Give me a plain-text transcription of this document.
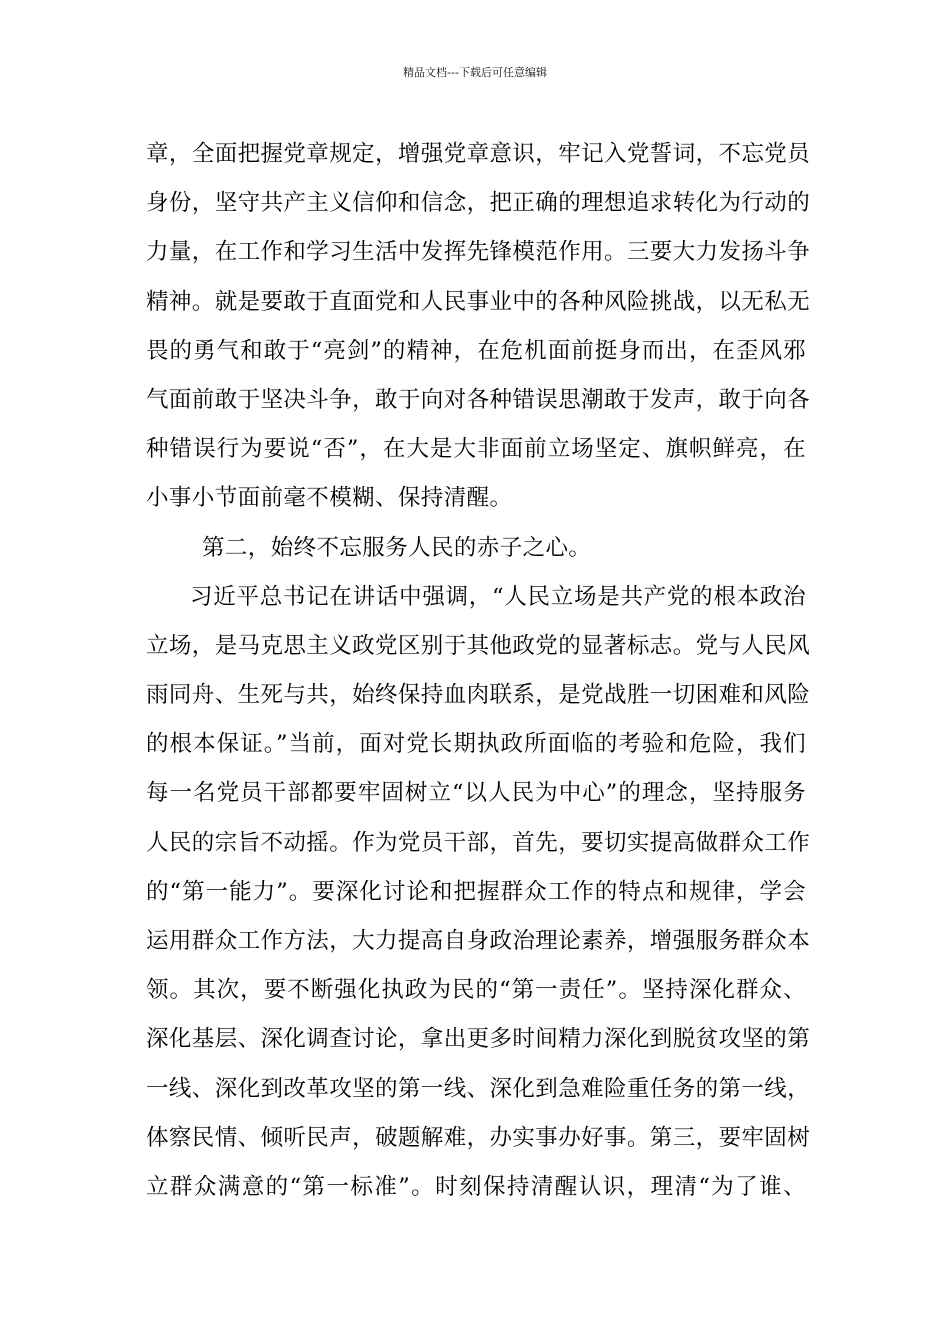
精品文档---下载后可任意编辑
章，全面把握党章规定，增强党章意识，牢记入党誓词，不忘党员
身份，坚守共产主义信仰和信念，把正确的理想追求转化为行动的
力量，在工作和学习生活中发挥先锋模范作用。三要大力发扬斗争
精神。就是要敢于直面党和人民事业中的各种风险挑战，以无私无
畏的勇气和敢于“亮剑”的精神，在危机面前挺身而出，在歪风邪
气面前敢于坚决斗争，敢于向对各种错误思潮敢于发声，敢于向各
种错误行为要说“否”，在大是大非面前立场坚定、旗帜鲜亮，在
小事小节面前毫不模糊、保持清醒。
第二，始终不忘服务人民的赤子之心。
习近平总书记在讲话中强调，“人民立场是共产党的根本政治
立场，是马克思主义政党区别于其他政党的显著标志。党与人民风
雨同舟、生死与共，始终保持血肉联系，是党战胜一切困难和风险
的根本保证。”当前，面对党长期执政所面临的考验和危险，我们
每一名党员干部都要牢固树立“以人民为中心”的理念，坚持服务
人民的宗旨不动摇。作为党员干部，首先，要切实提高做群众工作
的“第一能力”。要深化讨论和把握群众工作的特点和规律，学会
运用群众工作方法，大力提高自身政治理论素养，增强服务群众本
领。其次，要不断强化执政为民的“第一责任”。坚持深化群众、
深化基层、深化调查讨论，拿出更多时间精力深化到脱贫攻坚的第
一线、深化到改革攻坚的第一线、深化到急难险重任务的第一线，
体察民情、倾听民声，破题解难，办实事办好事。第三，要牢固树
立群众满意的“第一标准”。时刻保持清醒认识，理清“为了谁、
